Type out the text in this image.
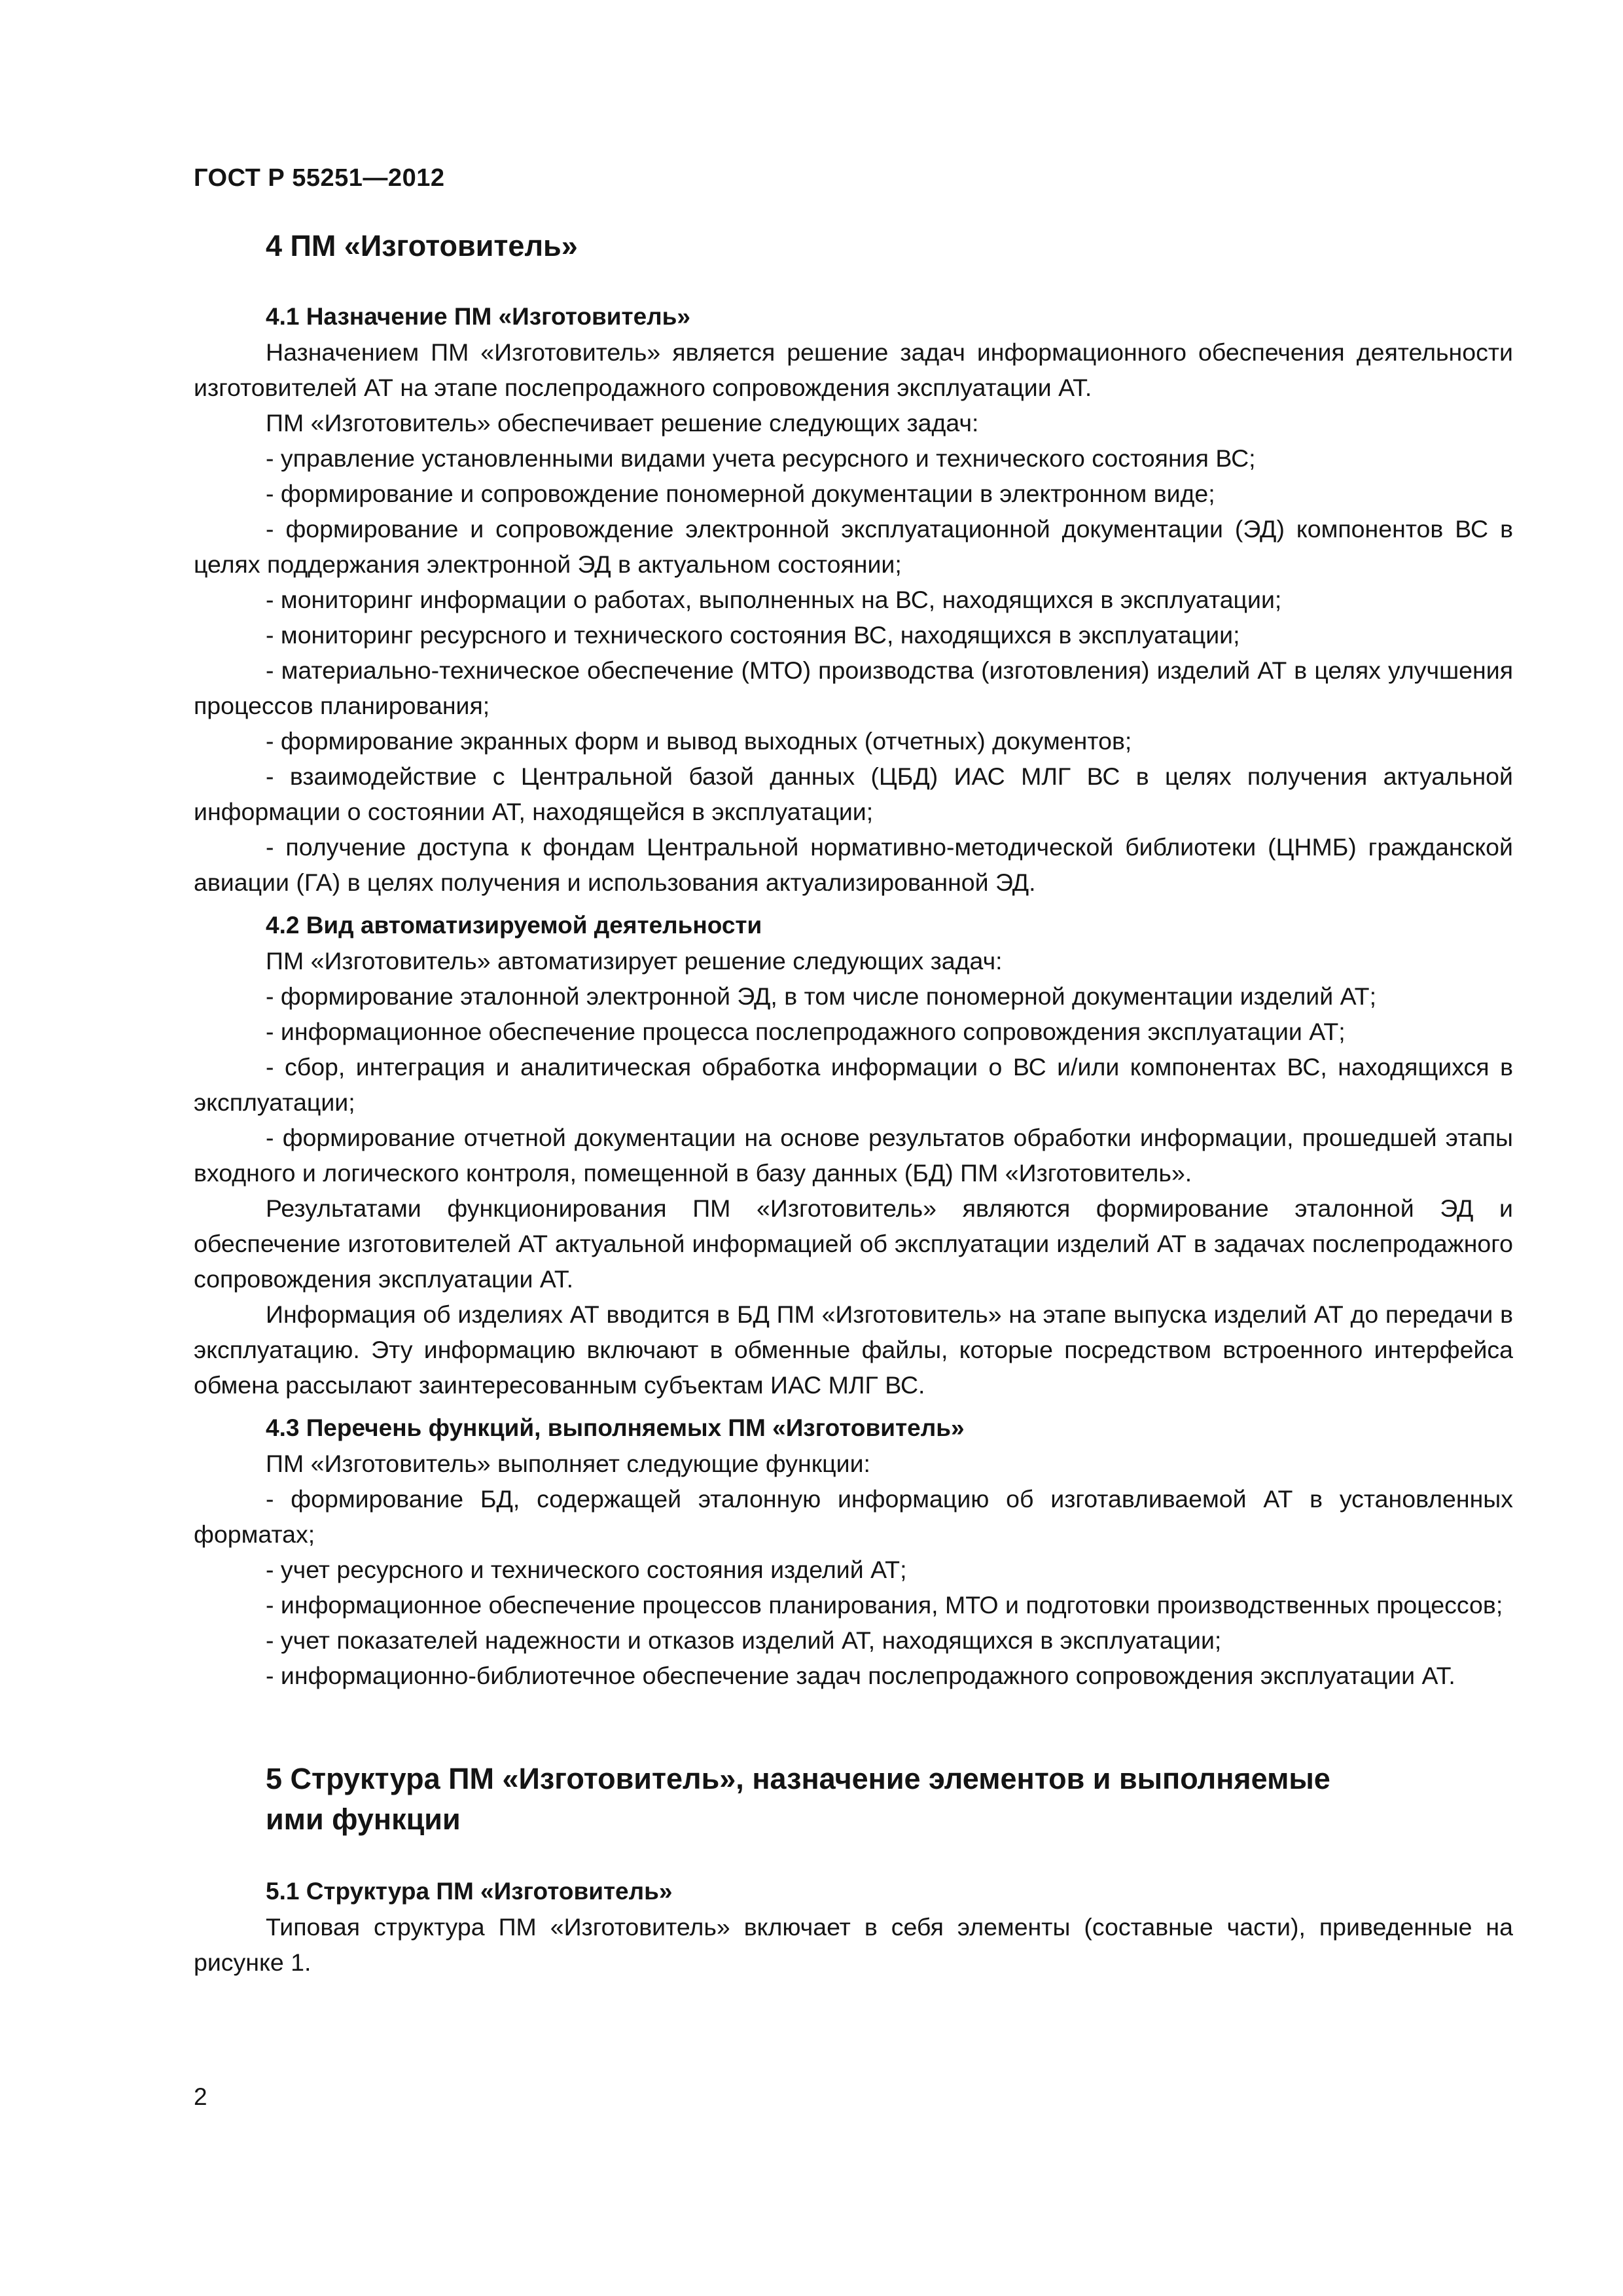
ГОСТ Р 55251—2012
4 ПМ «Изготовитель»
4.1 Назначение ПМ «Изготовитель»

Назначением ПМ «Изготовитель» является решение задач информационного обеспечения деятельности изготовителей АТ на этапе послепродажного сопровождения эксплуатации АТ.

ПМ «Изготовитель» обеспечивает решение следующих задач:

- управление установленными видами учета ресурсного и технического состояния ВС;

- формирование и сопровождение пономерной документации в электронном виде;

- формирование и сопровождение электронной эксплуатационной документации (ЭД) компонентов ВС в целях поддержания электронной ЭД в актуальном состоянии;

- мониторинг информации о работах, выполненных на ВС, находящихся в эксплуатации;

- мониторинг ресурсного и технического состояния ВС, находящихся в эксплуатации;

- материально-техническое обеспечение (МТО) производства (изготовления) изделий АТ в целях улучшения процессов планирования;

- формирование экранных форм и вывод выходных (отчетных) документов;

- взаимодействие с Центральной базой данных (ЦБД) ИАС МЛГ ВС в целях получения актуальной информации о состоянии АТ, находящейся в эксплуатации;

- получение доступа к фондам Центральной нормативно-методической библиотеки (ЦНМБ) гражданской авиации (ГА) в целях получения и использования актуализированной ЭД.

4.2 Вид автоматизируемой деятельности

ПМ «Изготовитель» автоматизирует решение следующих задач:

- формирование эталонной электронной ЭД, в том числе пономерной документации изделий АТ;

- информационное обеспечение процесса послепродажного сопровождения эксплуатации АТ;

- сбор, интеграция и аналитическая обработка информации о ВС и/или компонентах ВС, находящихся в эксплуатации;

- формирование отчетной документации на основе результатов обработки информации, прошедшей этапы входного и логического контроля, помещенной в базу данных (БД) ПМ «Изготовитель».

Результатами функционирования ПМ «Изготовитель» являются формирование эталонной ЭД и обеспечение изготовителей АТ актуальной информацией об эксплуатации изделий АТ в задачах послепродажного сопровождения эксплуатации АТ.

Информация об изделиях АТ вводится в БД ПМ «Изготовитель» на этапе выпуска изделий АТ до передачи в эксплуатацию. Эту информацию включают в обменные файлы, которые посредством встроенного интерфейса обмена рассылают заинтересованным субъектам ИАС МЛГ ВС.

4.3 Перечень функций, выполняемых ПМ «Изготовитель»

ПМ «Изготовитель» выполняет следующие функции:

- формирование БД, содержащей эталонную информацию об изготавливаемой АТ в установленных форматах;

- учет ресурсного и технического состояния изделий АТ;

- информационное обеспечение процессов планирования, МТО и подготовки производственных процессов;

- учет показателей надежности и отказов изделий АТ, находящихся в эксплуатации;

- информационно-библиотечное обеспечение задач послепродажного сопровождения эксплуатации АТ.

5 Структура ПМ «Изготовитель», назначение элементов и выполняемые
ими функции
5.1 Структура ПМ «Изготовитель»

Типовая структура ПМ «Изготовитель» включает в себя элементы (составные части), приведенные на рисунке 1.

2
